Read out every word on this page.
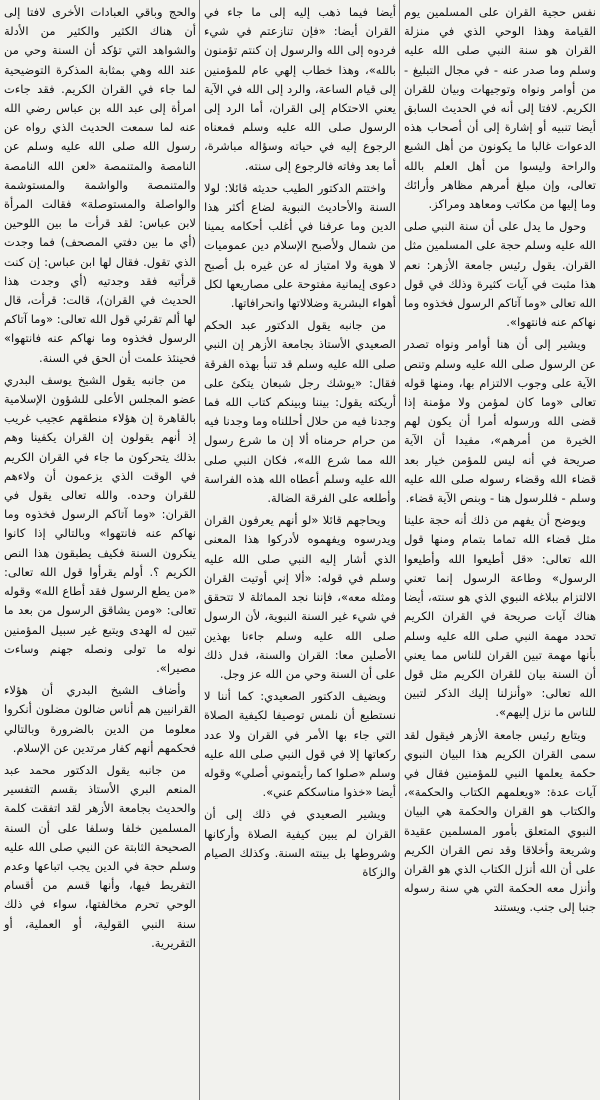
نفس حجية القران على المسلمين يوم القيامة وهذا الوحي الذي في منزلة القران هو سنة النبي صلى الله عليه وسلم وما صدر عنه - في مجال التبليغ - من أوامر ونواه وتوجيهات وبيان للقران الكريم. لافتا إلى أنه في الحديث السابق أيضا تنبيه أو إشارة إلى أن أصحاب هذه الدعوات غالبا ما يكونون من أهل الشبع والراحة وليسوا من أهل العلم بالله تعالى، وإن مبلغ أمرهم مظاهر وأرائك وما إليها من مكاتب ومعاهد ومراكز.

وحول ما يدل على أن سنة النبي صلى الله عليه وسلم حجة على المسلمين مثل القران. يقول رئيس جامعة الأزهر: نعم هذا مثبت في آيات كثيرة وذلك في قول الله تعالى «وما آتاكم الرسول فخذوه وما نهاكم عنه فانتهوا».

ويشير إلى أن هنا أوامر ونواه تصدر عن الرسول صلى الله عليه وسلم وتنص الآية على وجوب الالتزام بها، ومنها قوله تعالى «وما كان لمؤمن ولا مؤمنة إذا قضى الله ورسوله أمرا أن يكون لهم الخيرة من أمرهم»، مفيدا أن الآية صريحة في أنه ليس للمؤمن خيار بعد قضاء الله وقضاء رسوله صلى الله عليه وسلم - فللرسول هنا - وبنص الآية قضاء.

ويوضح أن يفهم من ذلك أنه حجة علينا مثل قضاء الله تماما بتمام ومنها قول الله تعالى: «قل أطيعوا الله وأطيعوا الرسول» وطاعة الرسول إنما تعني الالتزام ببلاغه النبوي الذي هو سنته، أيضا هناك آيات صريحة في القران الكريم تحدد مهمة النبي صلى الله عليه وسلم بأنها مهمة تبين القران للناس مما يعني أن السنة بيان للقران الكريم مثل قول الله تعالى: «وأنزلنا إليك الذكر لتبين للناس ما نزل إليهم».

ويتابع رئيس جامعة الأزهر فيقول لقد سمى القران الكريم هذا البيان النبوي حكمة يعلمها النبي للمؤمنين فقال في آيات عدة: «ويعلمهم الكتاب والحكمة»، والكتاب هو القران والحكمة هي البيان النبوي المتعلق بأمور المسلمين عقيدة وشريعة وأخلاقا وقد نص القران الكريم على أن الله أنزل الكتاب الذي هو القران وأنزل معه الحكمة التي هي سنة رسوله جنبا إلى جنب. ويستند

أيضا فيما ذهب إليه إلى ما جاء في القران أيضا: «فإن تنازعتم في شيء فردوه إلى الله والرسول إن كنتم تؤمنون بالله»، وهذا خطاب إلهي عام للمؤمنين إلى قيام الساعة، والرد إلى الله في الآية يعني الاحتكام إلى القران، أما الرد إلى الرسول صلى الله عليه وسلم فمعناه الرجوع إليه في حياته وسؤاله مباشرة، أما بعد وفاته فالرجوع إلى سنته.

واختتم الدكتور الطيب حديثه قائلا: لولا السنة والأحاديث النبوية لضاع أكثر هذا الدين وما عرفنا في أغلب أحكامه يمينا من شمال ولأصبح الإسلام دين عموميات لا هوية ولا امتياز له عن غيره بل أصبح دعوى إيمانية مفتوحة على مصاريعها لكل أهواء البشرية وضلالاتها وانحرافاتها.

من جانبه يقول الدكتور عبد الحكم الصعيدي الأستاذ بجامعة الأزهر إن النبي صلى الله عليه وسلم قد تنبأ بهذه الفرقة فقال: «يوشك رجل شبعان يتكئ على أريكته يقول: بيننا وبينكم كتاب الله فما وجدنا فيه من حلال أحللناه وما وجدنا فيه من حرام حرمناه ألا إن ما شرع رسول الله مما شرع الله»، فكان النبي صلى الله عليه وسلم أعطاه الله هذه الفراسة وأطلعه على الفرقة الضالة.

ويحاجهم قائلا «لو أنهم يعرفون القران ويدرسوه ويفهموه لأدركوا هذا المعنى الذي أشار إليه النبي صلى الله عليه وسلم في قوله: «ألا إني أوتيت القران ومثله معه»، فإننا نجد المماثلة لا تتحقق في شيء غير السنة النبوية، لأن الرسول صلى الله عليه وسلم جاءنا بهذين الأصلين معا: القران والسنة، فدل ذلك على أن السنة وحي من الله عز وجل.

ويضيف الدكتور الصعيدي: كما أننا لا نستطيع أن نلمس توصيفا لكيفية الصلاة التي جاء بها الأمر في القران ولا عدد ركعاتها إلا في قول النبي صلى الله عليه وسلم «صلوا كما رأيتموني أصلي» وقوله أيضا «خذوا مناسككم عني».

ويشير الصعيدي في ذلك إلى أن القران لم يبين كيفية الصلاة وأركانها وشروطها بل بينته السنة. وكذلك الصيام والزكاة

والحج وباقي العبادات الأخرى لافتا إلى أن هناك الكثير والكثير من الأدلة والشواهد التي تؤكد أن السنة وحي من عند الله وهي بمثابة المذكرة التوضيحية لما جاء في القران الكريم. فقد جاءت امرأة إلى عبد الله بن عباس رضي الله عنه لما سمعت الحديث الذي رواه عن رسول الله صلى الله عليه وسلم عن النامصة والمتنمصة «لعن الله النامصة والمتنمصة والواشمة والمستوشمة والواصلة والمستوصلة» فقالت المرأة لابن عباس: لقد قرأت ما بين اللوحين (أي ما بين دفتي المصحف) فما وجدت الذي تقول. فقال لها ابن عباس: إن كنت قرأتيه فقد وجدتيه (أي وجدت هذا الحديث في القران)، قالت: قرأت، قال لها ألم تقرئي قول الله تعالى: «وما آتاكم الرسول فخذوه وما نهاكم عنه فانتهوا» فحينئذ علمت أن الحق في السنة.

من جانبه يقول الشيخ يوسف البدري عضو المجلس الأعلى للشؤون الإسلامية بالقاهرة إن هؤلاء منطقهم عجيب غريب إذ أنهم يقولون إن القران يكفينا وهم بذلك يتحركون ما جاء في القران الكريم في الوقت الذي يزعمون أن ولاءهم للقران وحده. والله تعالى يقول في القران: «وما آتاكم الرسول فخذوه وما نهاكم عنه فانتهوا» وبالتالي إذا كانوا ينكرون السنة فكيف يطبقون هذا النص الكريم ؟. أولم يقرأوا قول الله تعالى: «من يطع الرسول فقد أطاع الله» وقوله تعالى: «ومن يشاقق الرسول من بعد ما تبين له الهدى ويتبع غير سبيل المؤمنين نوله ما تولى ونصله جهنم وساءت مصيرا».

وأضاف الشيخ البدري أن هؤلاء القرانيين هم أناس ضالون مضلون أنكروا معلوما من الدين بالضرورة وبالتالي فحكمهم أنهم كفار مرتدين عن الإسلام.

من جانبه يقول الدكتور محمد عبد المنعم البري الأستاذ بقسم التفسير والحديث بجامعة الأزهر لقد اتفقت كلمة المسلمين خلفا وسلفا على أن السنة الصحيحة الثابتة عن النبي صلى الله عليه وسلم حجة في الدين يجب اتباعها وعدم التفريط فيها، وأنها قسم من أقسام الوحي تحرم مخالفتها، سواء في ذلك سنة النبي القولية، أو العملية، أو التقريرية.
